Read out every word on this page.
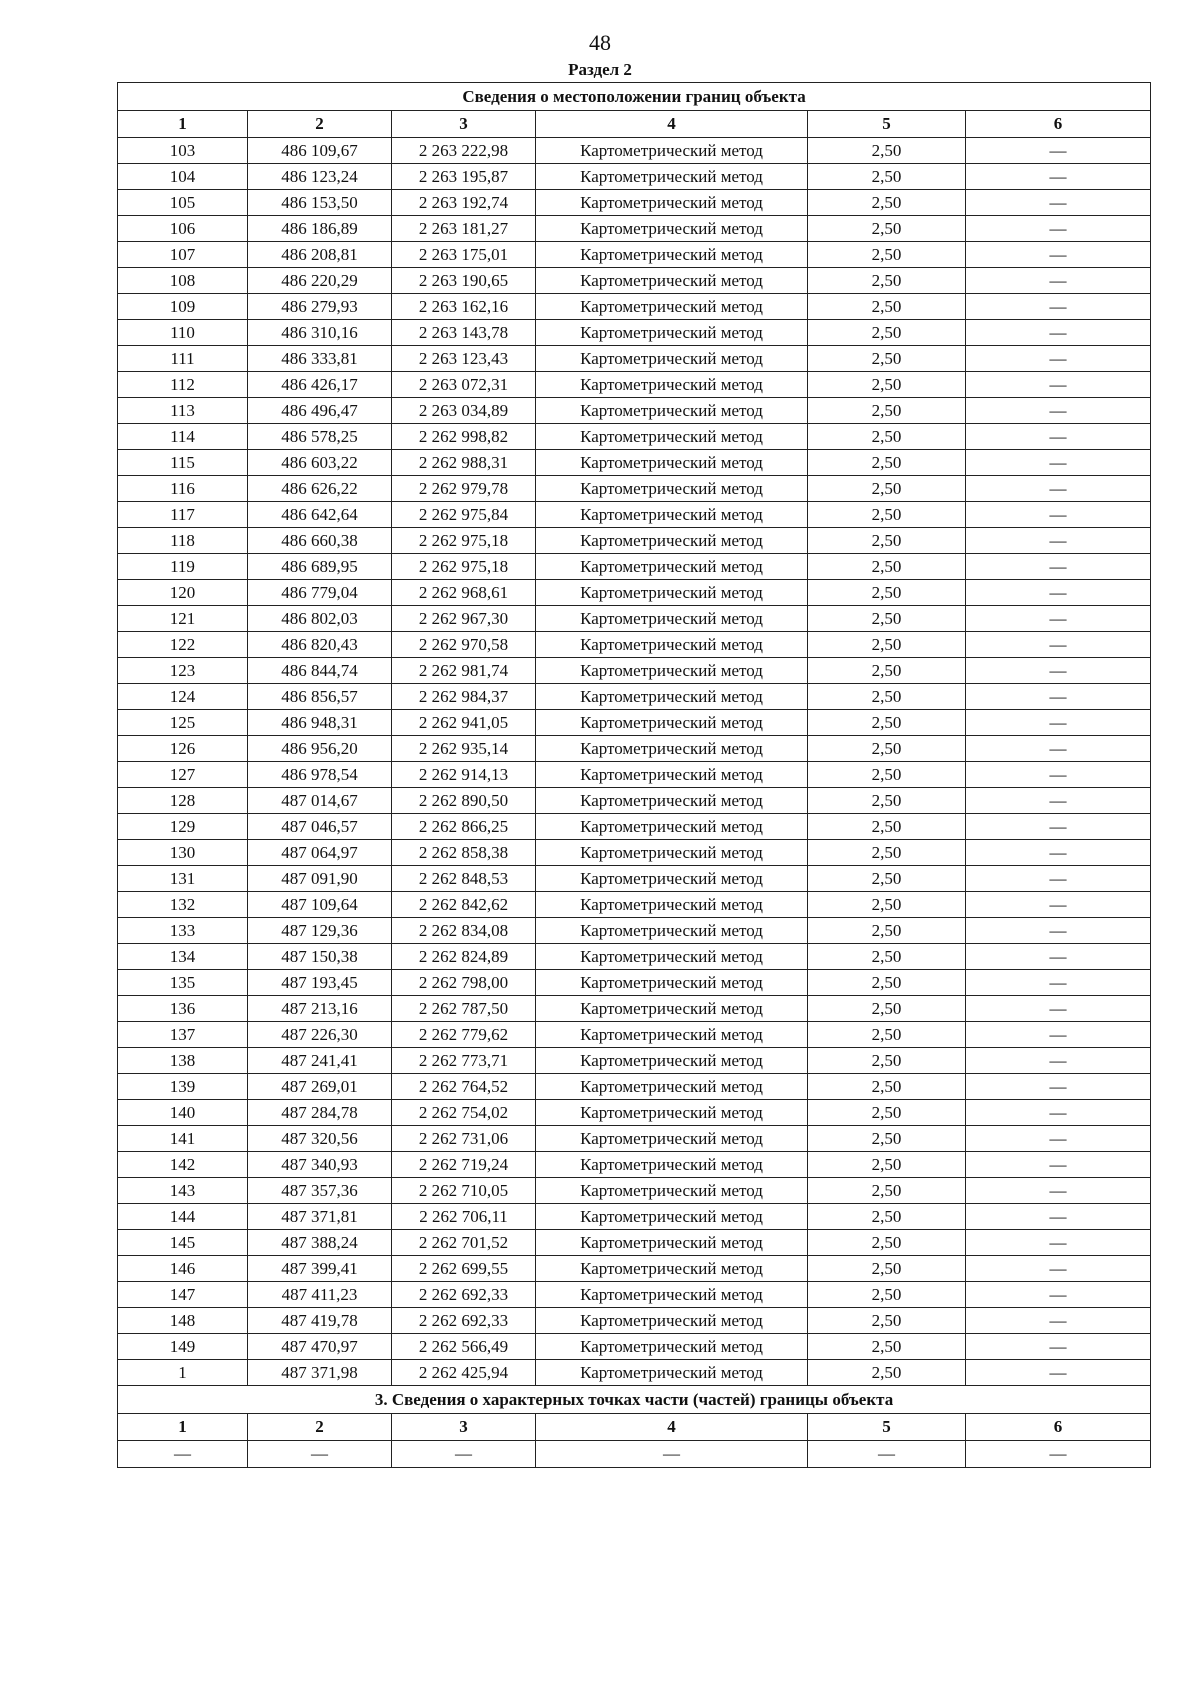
48
Раздел 2
Сведения о местоположении границ объекта					
1	2	3	4	5	6
103	486 109,67	2 263 222,98	Картометрический метод	2,50	—
104	486 123,24	2 263 195,87	Картометрический метод	2,50	—
105	486 153,50	2 263 192,74	Картометрический метод	2,50	—
106	486 186,89	2 263 181,27	Картометрический метод	2,50	—
107	486 208,81	2 263 175,01	Картометрический метод	2,50	—
108	486 220,29	2 263 190,65	Картометрический метод	2,50	—
109	486 279,93	2 263 162,16	Картометрический метод	2,50	—
110	486 310,16	2 263 143,78	Картометрический метод	2,50	—
111	486 333,81	2 263 123,43	Картометрический метод	2,50	—
112	486 426,17	2 263 072,31	Картометрический метод	2,50	—
113	486 496,47	2 263 034,89	Картометрический метод	2,50	—
114	486 578,25	2 262 998,82	Картометрический метод	2,50	—
115	486 603,22	2 262 988,31	Картометрический метод	2,50	—
116	486 626,22	2 262 979,78	Картометрический метод	2,50	—
117	486 642,64	2 262 975,84	Картометрический метод	2,50	—
118	486 660,38	2 262 975,18	Картометрический метод	2,50	—
119	486 689,95	2 262 975,18	Картометрический метод	2,50	—
120	486 779,04	2 262 968,61	Картометрический метод	2,50	—
121	486 802,03	2 262 967,30	Картометрический метод	2,50	—
122	486 820,43	2 262 970,58	Картометрический метод	2,50	—
123	486 844,74	2 262 981,74	Картометрический метод	2,50	—
124	486 856,57	2 262 984,37	Картометрический метод	2,50	—
125	486 948,31	2 262 941,05	Картометрический метод	2,50	—
126	486 956,20	2 262 935,14	Картометрический метод	2,50	—
127	486 978,54	2 262 914,13	Картометрический метод	2,50	—
128	487 014,67	2 262 890,50	Картометрический метод	2,50	—
129	487 046,57	2 262 866,25	Картометрический метод	2,50	—
130	487 064,97	2 262 858,38	Картометрический метод	2,50	—
131	487 091,90	2 262 848,53	Картометрический метод	2,50	—
132	487 109,64	2 262 842,62	Картометрический метод	2,50	—
133	487 129,36	2 262 834,08	Картометрический метод	2,50	—
134	487 150,38	2 262 824,89	Картометрический метод	2,50	—
135	487 193,45	2 262 798,00	Картометрический метод	2,50	—
136	487 213,16	2 262 787,50	Картометрический метод	2,50	—
137	487 226,30	2 262 779,62	Картометрический метод	2,50	—
138	487 241,41	2 262 773,71	Картометрический метод	2,50	—
139	487 269,01	2 262 764,52	Картометрический метод	2,50	—
140	487 284,78	2 262 754,02	Картометрический метод	2,50	—
141	487 320,56	2 262 731,06	Картометрический метод	2,50	—
142	487 340,93	2 262 719,24	Картометрический метод	2,50	—
143	487 357,36	2 262 710,05	Картометрический метод	2,50	—
144	487 371,81	2 262 706,11	Картометрический метод	2,50	—
145	487 388,24	2 262 701,52	Картометрический метод	2,50	—
146	487 399,41	2 262 699,55	Картометрический метод	2,50	—
147	487 411,23	2 262 692,33	Картометрический метод	2,50	—
148	487 419,78	2 262 692,33	Картометрический метод	2,50	—
149	487 470,97	2 262 566,49	Картометрический метод	2,50	—
1	487 371,98	2 262 425,94	Картометрический метод	2,50	—
3. Сведения о характерных точках части (частей) границы объекта					
1	2	3	4	5	6
—	—	—	—	—	—
